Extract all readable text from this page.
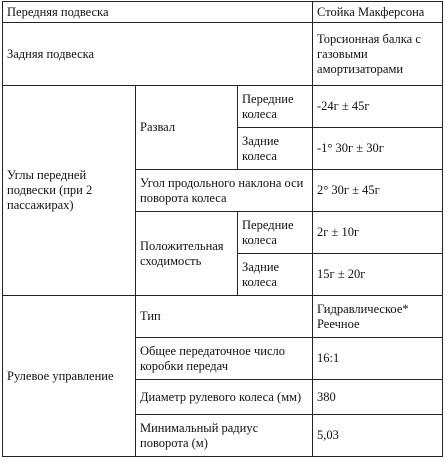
Передняя подвеска			Стойка Макферсона
Задняя подвеска			Торсионная балка с газовыми амортизаторами
Углы передней подвески (при 2 пассажирах)	Развал	Передние колеса	-24г ± 45г
		Задние колеса	-1° 30г ± 30г
	Угол продольного наклона оси поворота колеса		2° 30г ± 45г
	Положительная сходимость	Передние колеса	2г ± 10г
		Задние колеса	15г ± 20г

Рулевое управление	Тип		Гидравлическое* Реечное
	Общее передаточное число коробки передач		16:1
	Диаметр рулевого колеса (мм)		380
	Минимальный радиус поворота (м)		5,03
